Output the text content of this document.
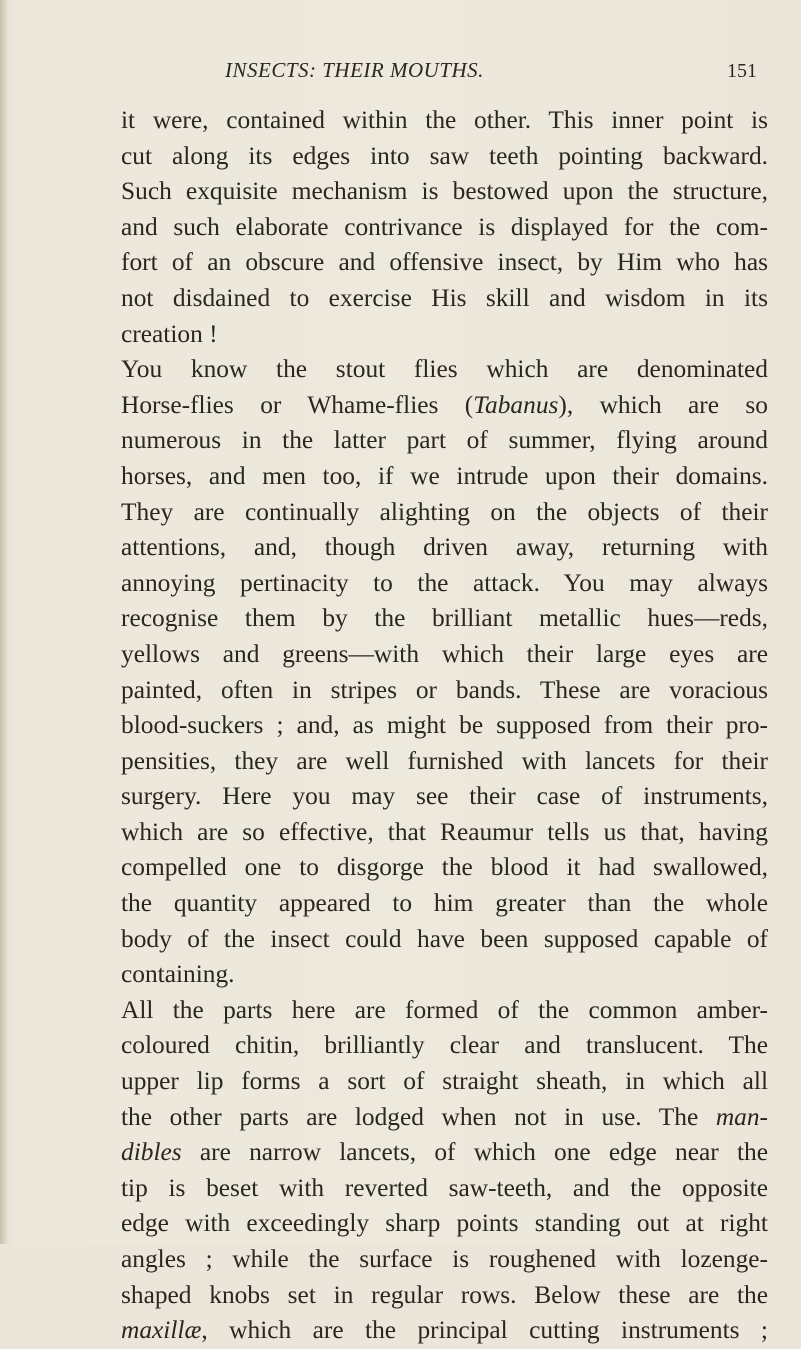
INSECTS: THEIR MOUTHS.	151
it were, contained within the other. This inner point is
cut along its edges into saw teeth pointing backward.
Such exquisite mechanism is bestowed upon the structure,
and such elaborate contrivance is displayed for the com-
fort of an obscure and offensive insect, by Him who has
not disdained to exercise His skill and wisdom in its
creation !
You know the stout flies which are denominated
Horse-flies or Whame-flies (Tabanus), which are so
numerous in the latter part of summer, flying around
horses, and men too, if we intrude upon their domains.
They are continually alighting on the objects of their
attentions, and, though driven away, returning with
annoying pertinacity to the attack. You may always
recognise them by the brilliant metallic hues—reds,
yellows and greens—with which their large eyes are
painted, often in stripes or bands. These are voracious
blood-suckers ; and, as might be supposed from their pro-
pensities, they are well furnished with lancets for their
surgery. Here you may see their case of instruments,
which are so effective, that Reaumur tells us that, having
compelled one to disgorge the blood it had swallowed,
the quantity appeared to him greater than the whole
body of the insect could have been supposed capable of
containing.
All the parts here are formed of the common amber-
coloured chitin, brilliantly clear and translucent. The
upper lip forms a sort of straight sheath, in which all
the other parts are lodged when not in use. The man-
dibles are narrow lancets, of which one edge near the
tip is beset with reverted saw-teeth, and the opposite
edge with exceedingly sharp points standing out at right
angles ; while the surface is roughened with lozenge-
shaped knobs set in regular rows. Below these are the
maxillæ, which are the principal cutting instruments ;
